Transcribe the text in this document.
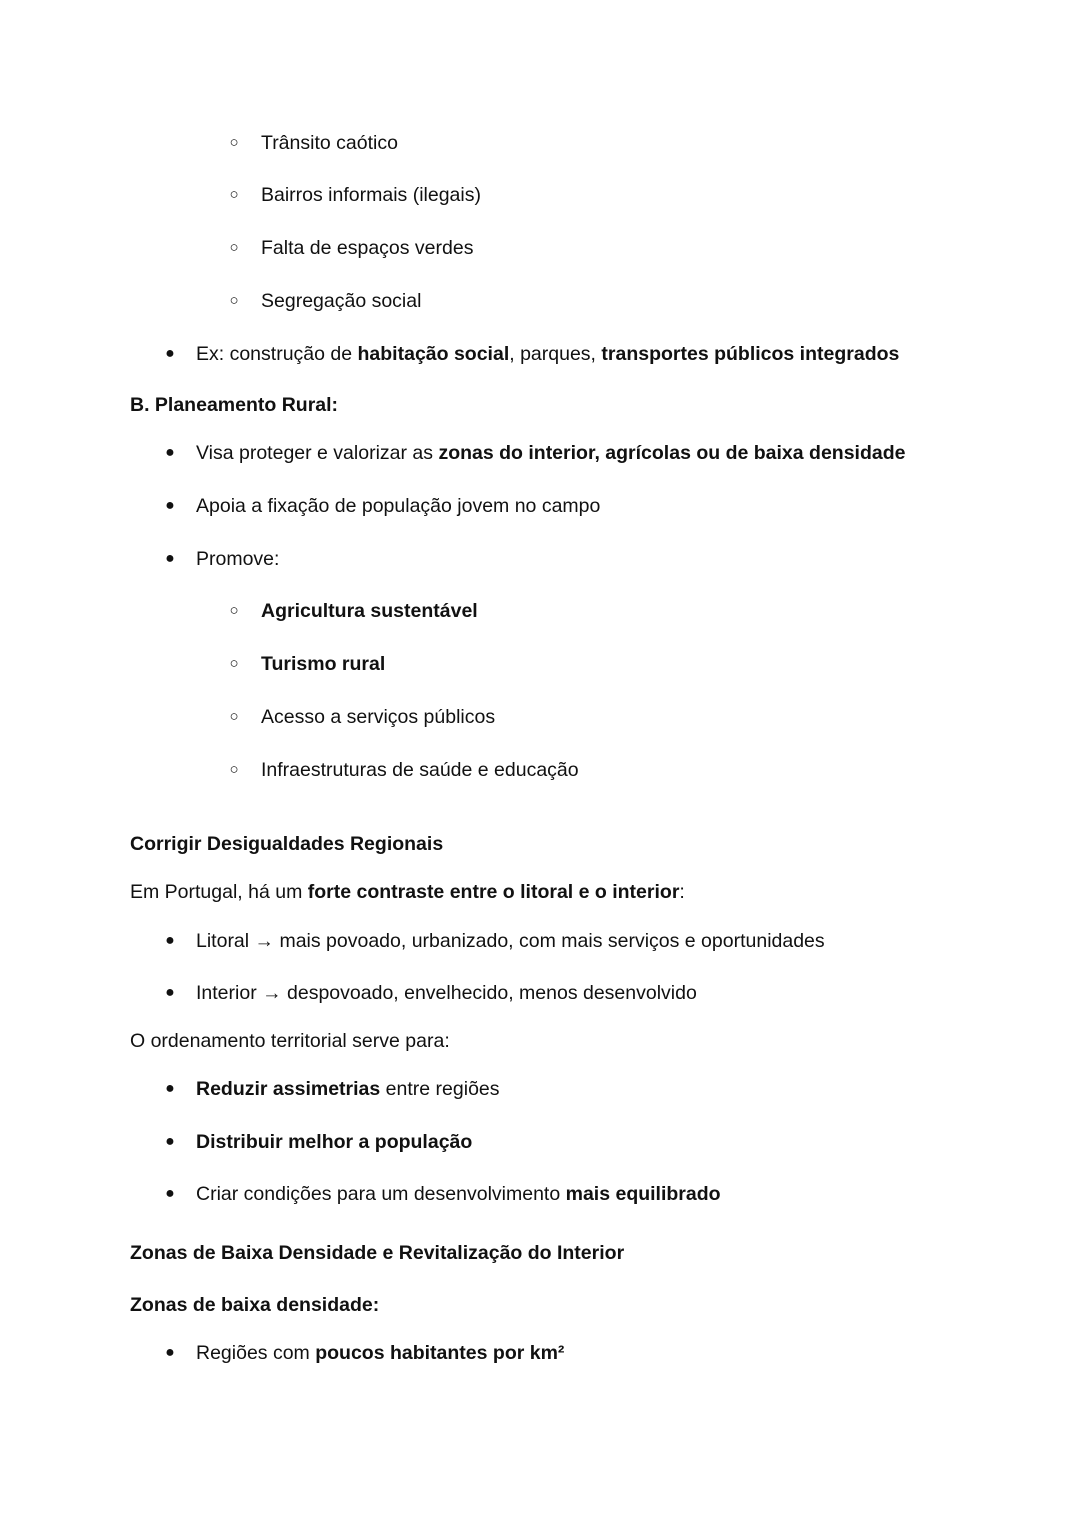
○ Trânsito caótico
○ Bairros informais (ilegais)
○ Falta de espaços verdes
○ Segregação social
● Ex: construção de habitação social, parques, transportes públicos integrados
B. Planeamento Rural:
● Visa proteger e valorizar as zonas do interior, agrícolas ou de baixa densidade
● Apoia a fixação de população jovem no campo
● Promove:
○ Agricultura sustentável
○ Turismo rural
○ Acesso a serviços públicos
○ Infraestruturas de saúde e educação
Corrigir Desigualdades Regionais
Em Portugal, há um forte contraste entre o litoral e o interior:
● Litoral → mais povoado, urbanizado, com mais serviços e oportunidades
● Interior → despovoado, envelhecido, menos desenvolvido
O ordenamento territorial serve para:
● Reduzir assimetrias entre regiões
● Distribuir melhor a população
● Criar condições para um desenvolvimento mais equilibrado
Zonas de Baixa Densidade e Revitalização do Interior
Zonas de baixa densidade:
● Regiões com poucos habitantes por km²
